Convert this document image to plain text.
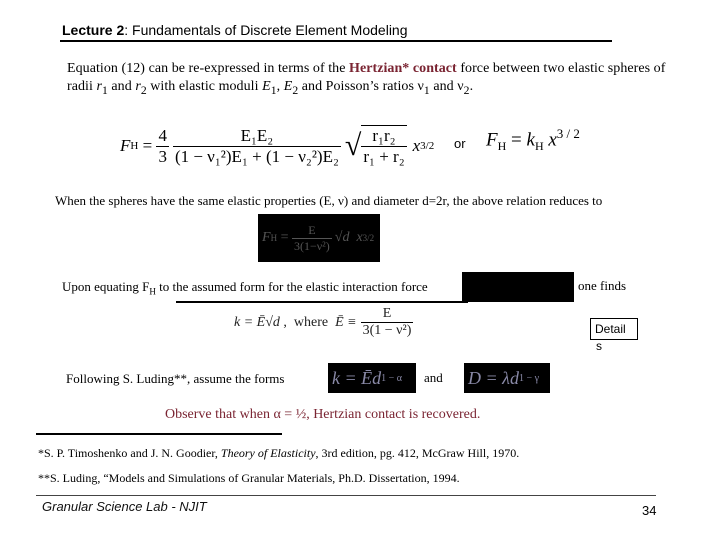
Lecture 2: Fundamentals of Discrete Element Modeling
Equation (12) can be re-expressed in terms of the Hertzian* contact force between two elastic spheres of radii $r_1$ and $r_2$ with elastic moduli $E_1$, $E_2$ and Poisson’s ratios $\nu_1$ and $\nu_2$.
F $H = \frac{4}{3} \frac{\text{E₁E₂}}{\text{(1 − ν₁²)E₁ + (1 − ν₂²)E₂}}$ √ $\frac{\text{r₁r₂}}{\text{r₁ + r₂}}$ x 3/2 or $F_H = k_H$ $x^{3 / 2}$
When the spheres have the same elastic properties (E, ν) and diameter d=2r, the above relation reduces to
F $H = \frac{E}{\text{3(1−ν²)}} √d$  x 3/2
Upon equating $F_H$ to the assumed form for the elastic interaction force	one finds
k = Ē√d ,  where Ē ≡ $\frac{E}{\text{3(1 − ν²)}}$	Detail
s
Following S. Luding**, assume the forms	k = Ēd 1 − α and D = λd 1 − γ
Observe that when α = ½, Hertzian contact is recovered.
*S. P. Timoshenko and J. N. Goodier, Theory of Elasticity, 3rd edition, pg. 412, McGraw Hill, 1970.
**S. Luding, “Models and Simulations of Granular Materials, Ph.D. Dissertation, 1994.
Granular Science Lab - NJIT	34
